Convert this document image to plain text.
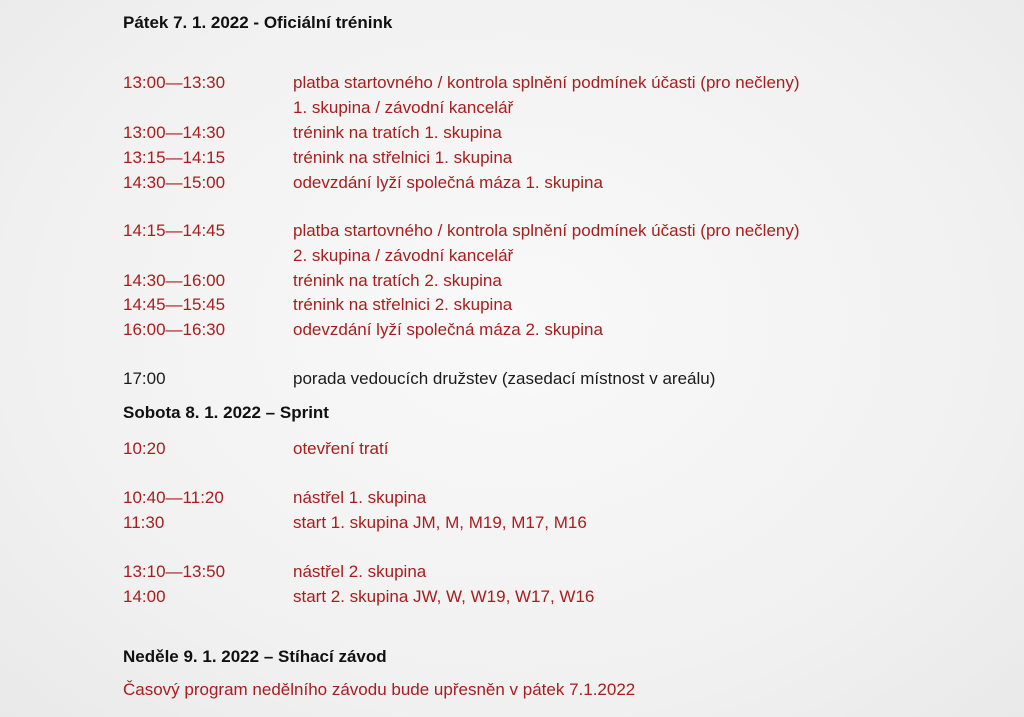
Pátek 7. 1. 2022 - Oficiální trénink
13:00—13:30	platba startovného / kontrola splnění podmínek účasti (pro nečleny)
1. skupina / závodní kancelář
13:00—14:30	trénink na tratích 1. skupina
13:15—14:15	trénink na střelnici 1. skupina
14:30—15:00	odevzdání lyží společná máza 1. skupina
14:15—14:45	platba startovného / kontrola splnění podmínek účasti (pro nečleny)
2. skupina / závodní kancelář
14:30—16:00	trénink na tratích 2. skupina
14:45—15:45	trénink na střelnici 2. skupina
16:00—16:30	odevzdání lyží společná máza 2. skupina
17:00	porada vedoucích družstev (zasedací místnost v areálu)
Sobota 8. 1. 2022 – Sprint
10:20	otevření tratí
10:40—11:20	nástřel 1. skupina
11:30	start 1. skupina JM, M, M19, M17, M16
13:10—13:50	nástřel 2. skupina
14:00	start 2. skupina JW, W, W19, W17, W16
Neděle 9. 1. 2022 – Stíhací závod
Časový program nedělního závodu bude upřesněn v pátek 7.1.2022
